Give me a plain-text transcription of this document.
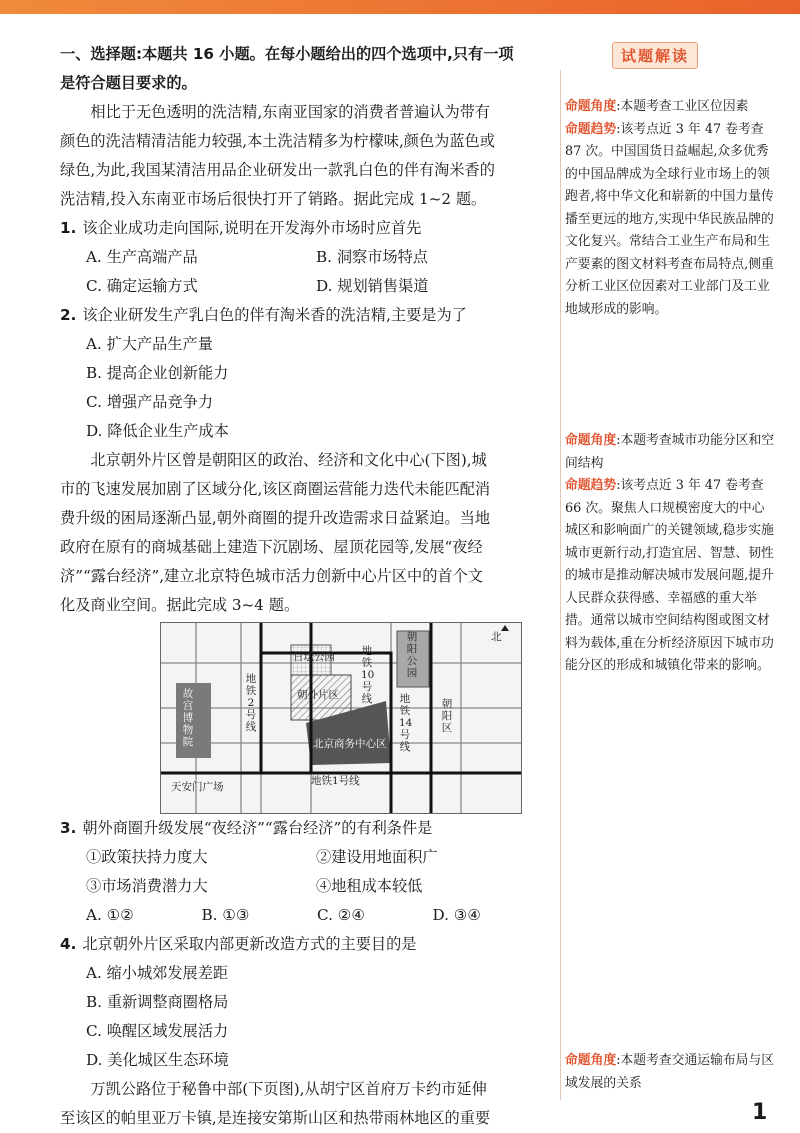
一、选择题:本题共 16 小题。在每小题给出的四个选项中,只有一项

是符合题目要求的。

相比于无色透明的洗洁精,东南亚国家的消费者普遍认为带有

颜色的洗洁精清洁能力较强,本土洗洁精多为柠檬味,颜色为蓝色或

绿色,为此,我国某清洁用品企业研发出一款乳白色的伴有淘米香的

洗洁精,投入东南亚市场后很快打开了销路。据此完成 1~2 题。

1. 该企业成功走向国际,说明在开发海外市场时应首先

A. 生产高端产品	B. 洞察市场特点
C. 确定运输方式	D. 规划销售渠道

2. 该企业研发生产乳白色的伴有淘米香的洗洁精,主要是为了

A. 扩大产品生产量

B. 提高企业创新能力

C. 增强产品竞争力

D. 降低企业生产成本

北京朝外片区曾是朝阳区的政治、经济和文化中心(下图),城

市的飞速发展加剧了区域分化,该区商圈运营能力迭代未能匹配消

费升级的困局逐渐凸显,朝外商圈的提升改造需求日益紧迫。当地

政府在原有的商城基础上建造下沉剧场、屋顶花园等,发展“夜经

济”“露台经济”,建立北京特色城市活力创新中心片区中的首个文

化及商业空间。据此完成 3~4 题。

北
日坛公园
朝阳公园
故宫博物院
天安门广场
朝外片区
地铁2号线
地铁10号线	地铁14号线
地铁1号线
朝阳区
北京商务中心区

3. 朝外商圈升级发展“夜经济”“露台经济”的有利条件是

①政策扶持力度大	②建设用地面积广
③市场消费潜力大	④地租成本较低
A. ①②	B. ①③	C. ②④	D. ③④

4. 北京朝外片区采取内部更新改造方式的主要目的是

A. 缩小城郊发展差距

B. 重新调整商圈格局

C. 唤醒区域发展活力

D. 美化城区生态环境

万凯公路位于秘鲁中部(下页图),从胡宁区首府万卡约市延伸

至该区的帕里亚万卡镇,是连接安第斯山区和热带雨林地区的重要

试题解读
命题角度:本题考查工业区位因素
命题趋势:该考点近 3 年 47 卷考查 87 次。中国国货日益崛起,众多优秀的中国品牌成为全球行业市场上的领跑者,将中华文化和崭新的中国力量传播至更远的地方,实现中华民族品牌的文化复兴。常结合工业生产布局和生产要素的图文材料考查布局特点,侧重分析工业区位因素对工业部门及工业地域形成的影响。
命题角度:本题考查城市功能分区和空间结构
命题趋势:该考点近 3 年 47 卷考查 66 次。聚焦人口规模密度大的中心城区和影响面广的关键领域,稳步实施城市更新行动,打造宜居、智慧、韧性的城市是推动解决城市发展问题,提升人民群众获得感、幸福感的重大举措。通常以城市空间结构图或图文材料为载体,重在分析经济原因下城市功能分区的形成和城镇化带来的影响。
命题角度:本题考查交通运输布局与区域发展的关系
1
